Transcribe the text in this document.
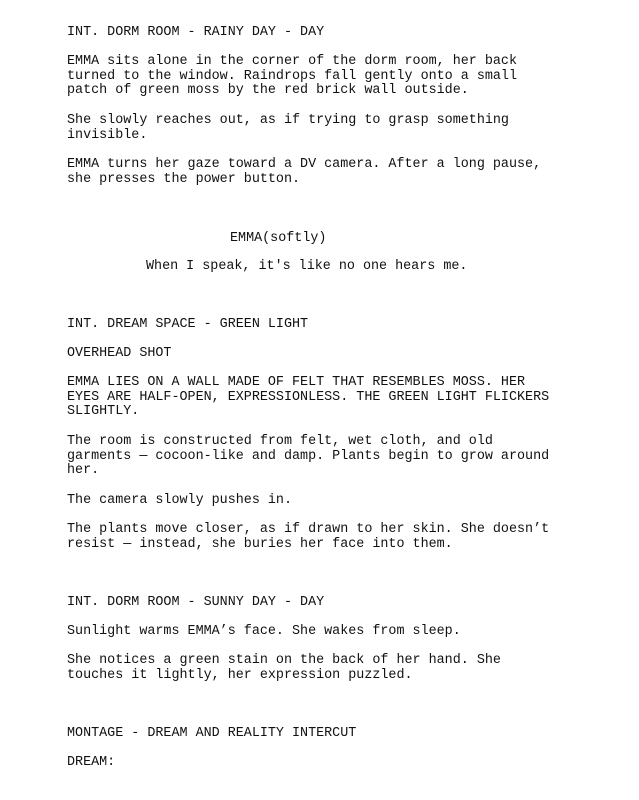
INT. DORM ROOM - RAINY DAY - DAY
EMMA sits alone in the corner of the dorm room, her back
turned to the window. Raindrops fall gently onto a small
patch of green moss by the red brick wall outside.
She slowly reaches out, as if trying to grasp something
invisible.
EMMA turns her gaze toward a DV camera. After a long pause,
she presses the power button.
EMMA(softly)
When I speak, it's like no one hears me.
INT. DREAM SPACE - GREEN LIGHT
OVERHEAD SHOT
EMMA LIES ON A WALL MADE OF FELT THAT RESEMBLES MOSS. HER
EYES ARE HALF-OPEN, EXPRESSIONLESS. THE GREEN LIGHT FLICKERS
SLIGHTLY.
The room is constructed from felt, wet cloth, and old
garments — cocoon-like and damp. Plants begin to grow around
her.
The camera slowly pushes in.
The plants move closer, as if drawn to her skin. She doesn’t
resist — instead, she buries her face into them.
INT. DORM ROOM - SUNNY DAY - DAY
Sunlight warms EMMA’s face. She wakes from sleep.
She notices a green stain on the back of her hand. She
touches it lightly, her expression puzzled.
MONTAGE - DREAM AND REALITY INTERCUT
DREAM:
